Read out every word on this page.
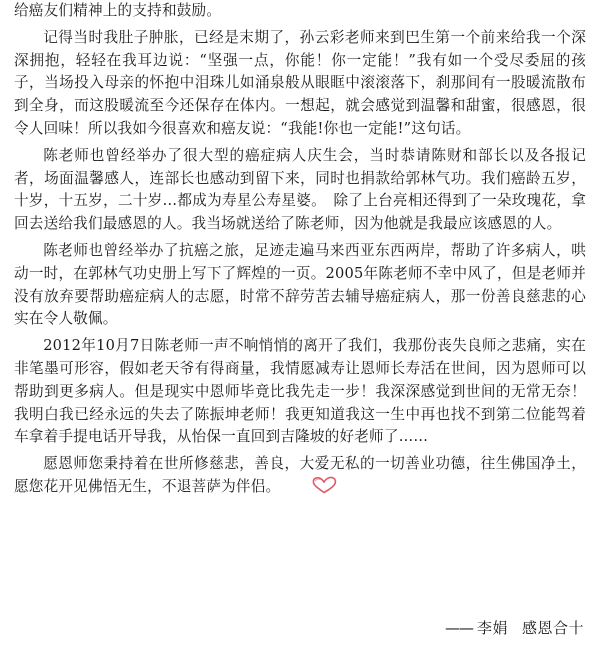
给癌友们精神上的支持和鼓励。

记得当时我肚子肿胀，已经是末期了，孙云彩老师来到巴生第一个前来给我一个深深拥抱，轻轻在我耳边说：“坚强一点，你能！你一定能！”我有如一个受尽委屈的孩子，当场投入母亲的怀抱中泪珠儿如涌泉般从眼眶中滚滚落下，刹那间有一股暖流散布到全身，而这股暖流至今还保存在体内。一想起，就会感觉到温馨和甜蜜，很感恩，很令人回味！所以我如今很喜欢和癌友说：“我能!你也一定能!”这句话。

陈老师也曾经举办了很大型的癌症病人庆生会，当时恭请陈财和部长以及各报记者，场面温馨感人，连部长也感动到留下来，同时也捐款给郭林气功。我们癌龄五岁，十岁，十五岁，二十岁…都成为寿星公寿星婆。　除了上台亮相还得到了一朵玫瑰花，拿回去送给我们最感恩的人。我当场就送给了陈老师，因为他就是我最应该感恩的人。

陈老师也曾经举办了抗癌之旅，足迹走遍马来西亚东西两岸，帮助了许多病人，哄动一时，在郭林气功史册上写下了辉煌的一页。2005年陈老师不幸中风了，但是老师并没有放弃要帮助癌症病人的志愿，时常不辞劳苦去辅导癌症病人，那一份善良慈悲的心实在令人敬佩。

2012年10月7日陈老师一声不响悄悄的离开了我们，我那份丧失良师之悲痛，实在非笔墨可形容，假如老天爷有得商量，我情愿减寿让恩师长寿活在世间，因为恩师可以帮助到更多病人。但是现实中恩师毕竟比我先走一步！我深深感觉到世间的无常无奈！我明白我已经永远的失去了陈振坤老师！我更知道我这一生中再也找不到第二位能驾着车拿着手提电话开导我，从怡保一直回到吉隆坡的好老师了……

愿恩师您秉持着在世所修慈悲，善良，大爱无私的一切善业功德，往生佛国净土，愿您花开见佛悟无生，不退菩萨为伴侣。

—— 李娟 感恩合十
